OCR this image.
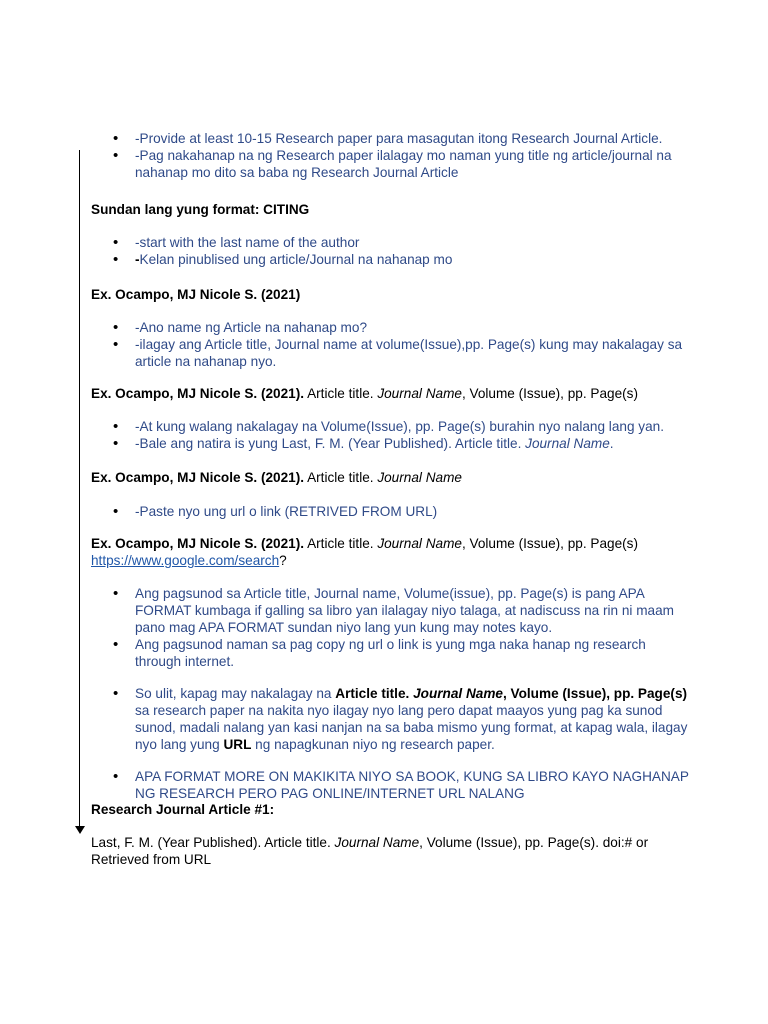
• -Provide at least 10-15 Research paper para masagutan itong Research Journal Article.
• -Pag nakahanap na ng Research paper ilalagay mo naman yung title ng article/journal na nahanap mo dito sa baba ng Research Journal Article

Sundan lang yung format: CITING

• -start with the last name of the author
• -Kelan pinublised ung article/Journal na nahanap mo

Ex. Ocampo, MJ Nicole S. (2021)

• -Ano name ng Article na nahanap mo?
• -ilagay ang Article title, Journal name at volume(Issue),pp. Page(s) kung may nakalagay sa article na nahanap nyo.

Ex. Ocampo, MJ Nicole S. (2021). Article title. Journal Name, Volume (Issue), pp. Page(s)

• -At kung walang nakalagay na Volume(Issue), pp. Page(s) burahin nyo nalang lang yan.
• -Bale ang natira is yung Last, F. M. (Year Published). Article title. Journal Name.

Ex. Ocampo, MJ Nicole S. (2021). Article title. Journal Name

• -Paste nyo ung url o link (RETRIVED FROM URL)

Ex. Ocampo, MJ Nicole S. (2021). Article title. Journal Name, Volume (Issue), pp. Page(s)
https://www.google.com/search?

• Ang pagsunod sa Article title, Journal name, Volume(issue), pp. Page(s) is pang APA FORMAT kumbaga if galling sa libro yan ilalagay niyo talaga, at nadiscuss na rin ni maam pano mag APA FORMAT sundan niyo lang yun kung may notes kayo.
• Ang pagsunod naman sa pag copy ng url o link is yung mga naka hanap ng research through internet.
• So ulit, kapag may nakalagay na Article title. Journal Name, Volume (Issue), pp. Page(s) sa research paper na nakita nyo ilagay nyo lang pero dapat maayos yung pag ka sunod sunod, madali nalang yan kasi nanjan na sa baba mismo yung format, at kapag wala, ilagay nyo lang yung URL ng napagkunan niyo ng research paper.
• APA FORMAT MORE ON MAKIKITA NIYO SA BOOK, KUNG SA LIBRO KAYO NAGHANAP NG RESEARCH PERO PAG ONLINE/INTERNET URL NALANG

Research Journal Article #1:

Last, F. M. (Year Published). Article title. Journal Name, Volume (Issue), pp. Page(s). doi:# or Retrieved from URL
